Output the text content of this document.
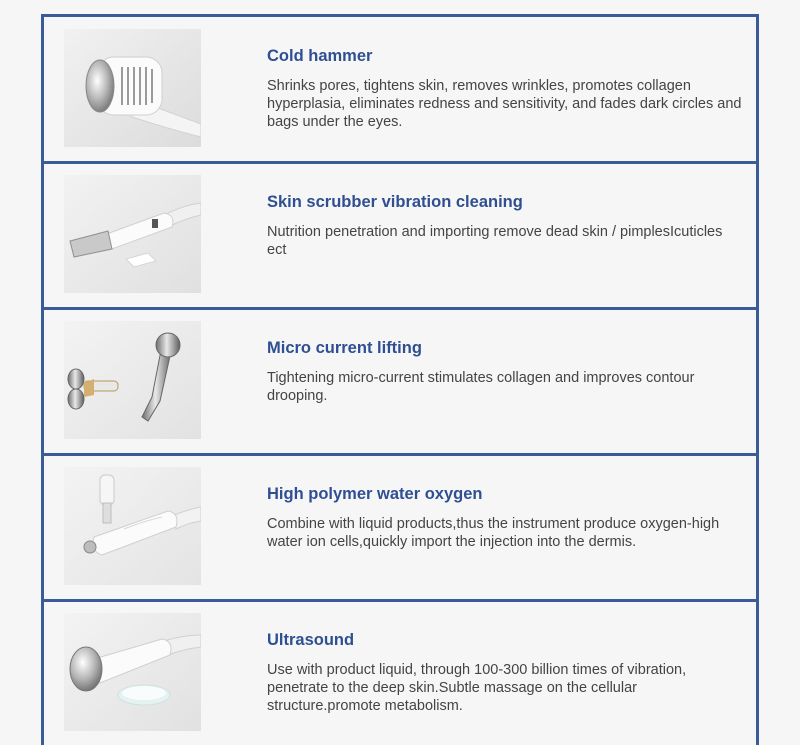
Cold hammer
Shrinks pores, tightens skin, removes wrinkles, promotes collagen hyperplasia, eliminates redness and sensitivity, and fades dark circles and bags under the eyes.
Skin scrubber vibration cleaning
Nutrition penetration and importing remove dead skin / pimplesIcuticles ect
Micro current lifting
Tightening micro-current stimulates collagen and improves contour drooping.
High polymer water oxygen
Combine with liquid products,thus the instrument produce oxygen-high water ion cells,quickly import the injection into the dermis.
Ultrasound
Use with product liquid, through 100-300 billion times of vibration, penetrate to the deep skin.Subtle massage on the cellular structure.promote metabolism.
